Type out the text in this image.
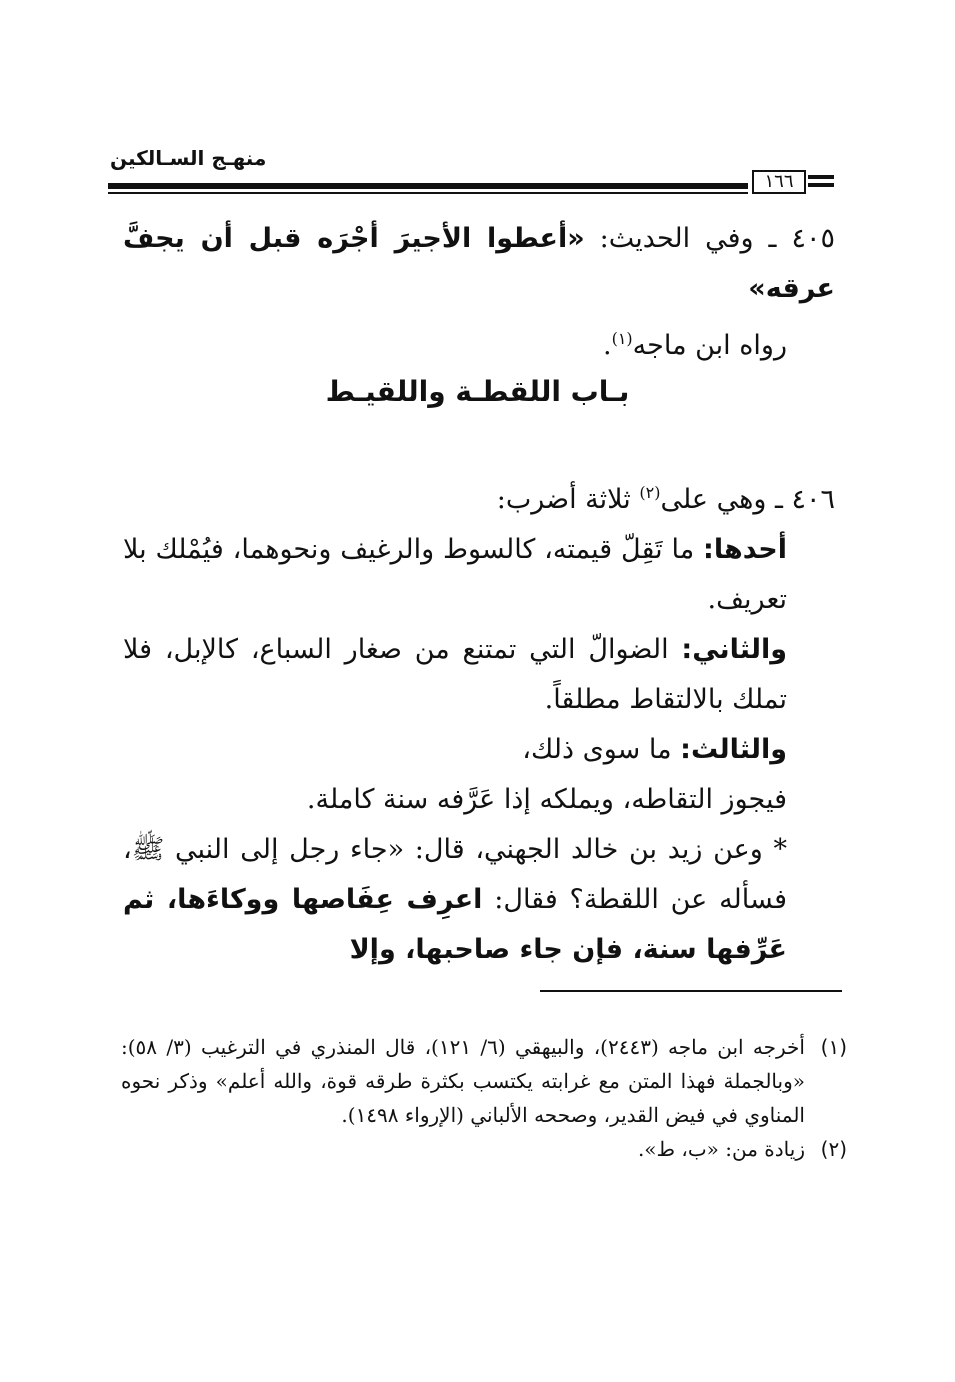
منهـج السـالكين
١٦٦
٤٠٥ ـ وفي الحديث: «أعطوا الأجيرَ أجْرَه قبل أن يجفَّ عرقه»
رواه ابن ماجه$^{(١)}$.
بـاب اللقطـة واللقيـط
٤٠٦ ـ وهي على$^{(٢)}$ ثلاثة أضرب:
أحدها: ما تَقِلّ قيمته، كالسوط والرغيف ونحوهما، فيُمْلك بلا تعريف.
والثاني: الضوالّ التي تمتنع من صغار السباع، كالإبل، فلا تملك بالالتقاط مطلقاً.
والثالث: ما سوى ذلك،
فيجوز التقاطه، ويملكه إذا عَرَّفه سنة كاملة.
* وعن زيد بن خالد الجهني، قال: «جاء رجل إلى النبي ﷺ، فسأله عن اللقطة؟ فقال: اعرِف عِفَاصها ووكاءَها، ثم عَرِّفها سنة، فإن جاء صاحبها، وإلا
(١)
أخرجه ابن ماجه (٢٤٤٣)، والبيهقي (٦/ ١٢١)، قال المنذري في الترغيب (٣/ ٥٨): «وبالجملة فهذا المتن مع غرابته يكتسب بكثرة طرقه قوة، والله أعلم» وذكر نحوه المناوي في فيض القدير، وصححه الألباني (الإرواء ١٤٩٨).
(٢)
زيادة من: «ب، ط».
